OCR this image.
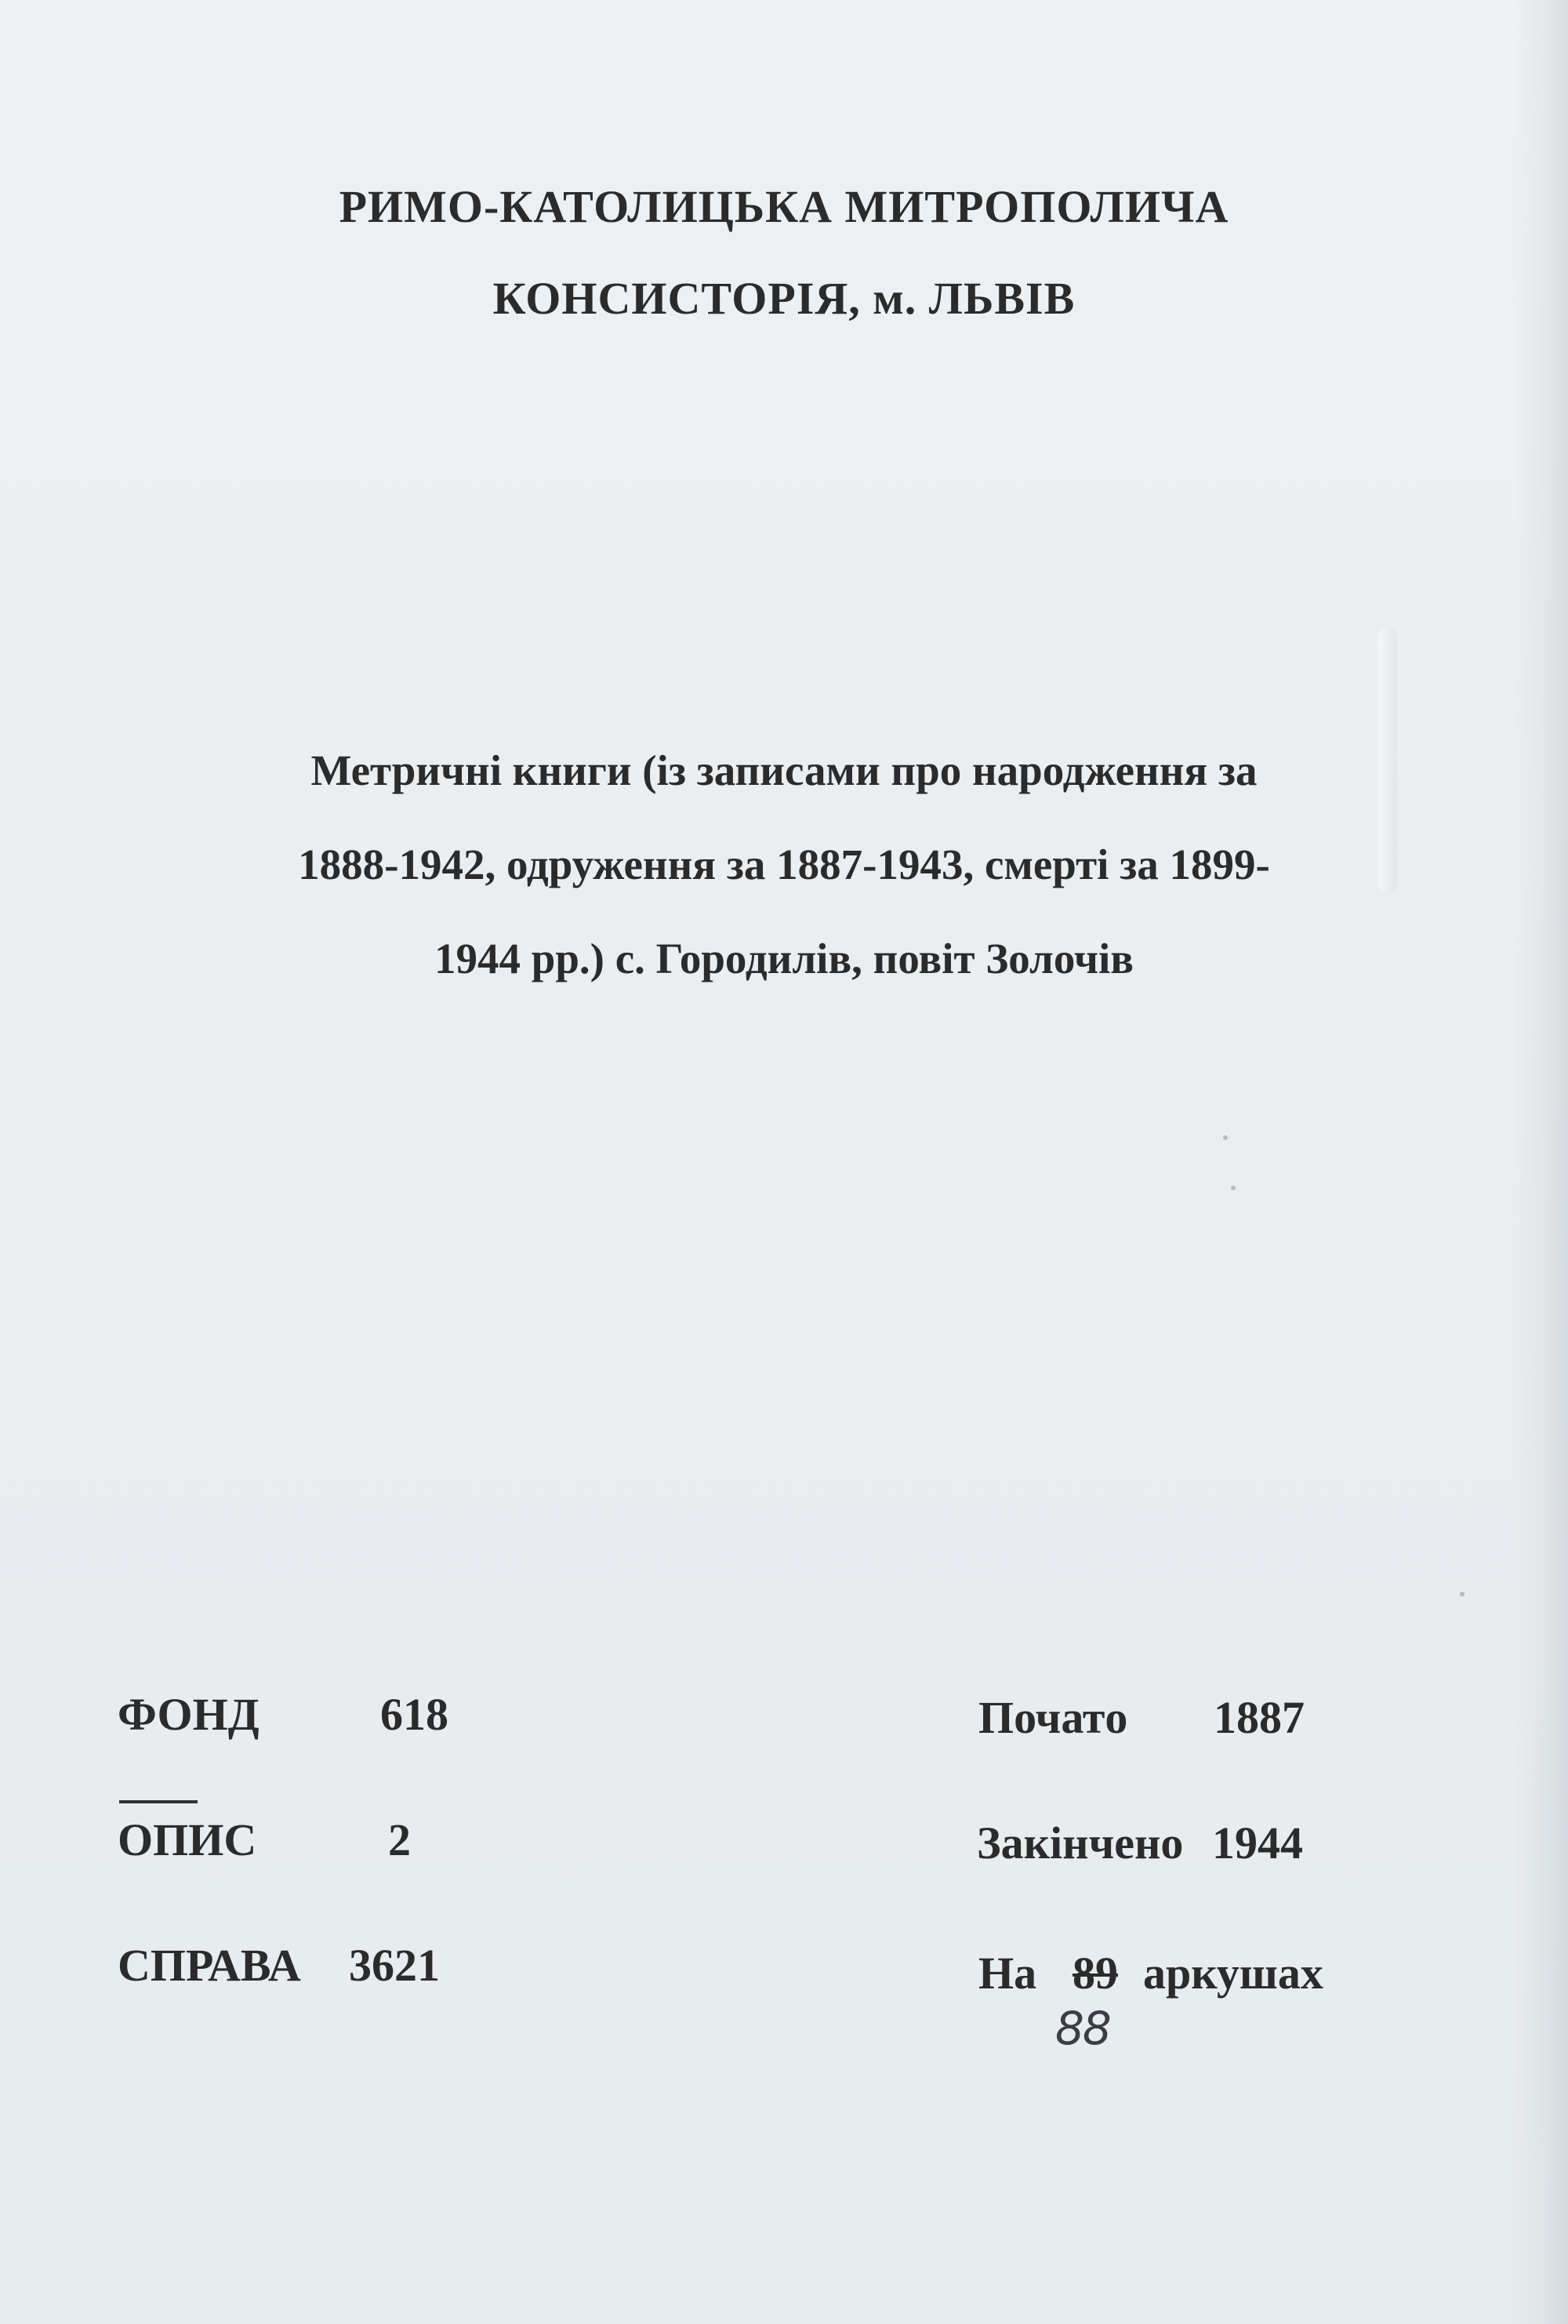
РИМО-КАТОЛИЦЬКА МИТРОПОЛИЧА
КОНСИСТОРІЯ, м. ЛЬВІВ
Метричні книги (із записами про народження за
1888-1942, одруження за 1887-1943, смерті за 1899-
1944 рр.) с. Городилів, повіт Золочів
ФОНД	618
ОПИС	2
СПРАВА 3621
Початo 1887
Закінчено 1944
На 89 аркушах
88
